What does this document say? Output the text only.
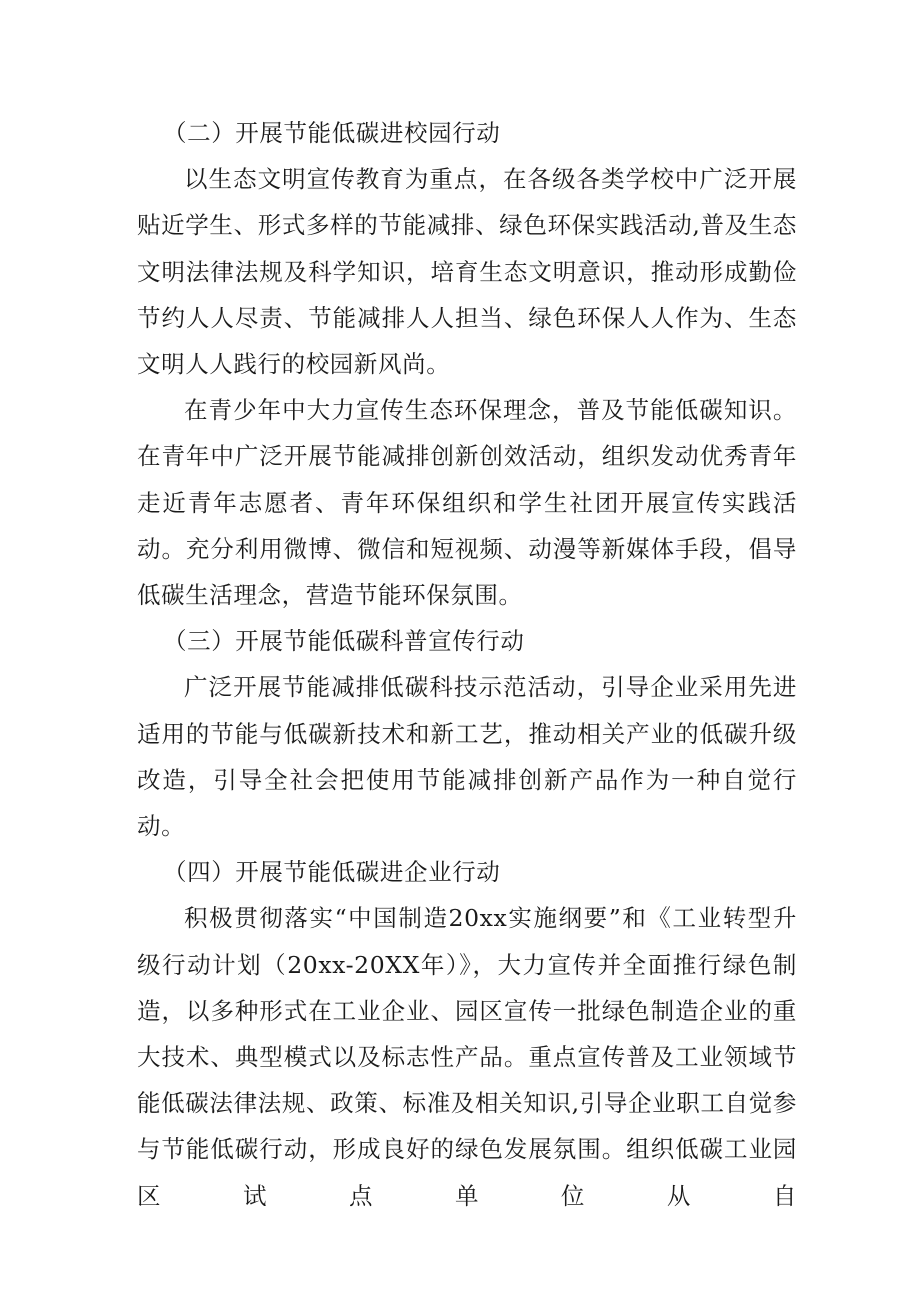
（二）开展节能低碳进校园行动

以生态文明宣传教育为重点，在各级各类学校中广泛开展贴近学生、形式多样的节能减排、绿色环保实践活动,普及生态文明法律法规及科学知识，培育生态文明意识，推动形成勤俭节约人人尽责、节能减排人人担当、绿色环保人人作为、生态文明人人践行的校园新风尚。

在青少年中大力宣传生态环保理念，普及节能低碳知识。在青年中广泛开展节能减排创新创效活动，组织发动优秀青年走近青年志愿者、青年环保组织和学生社团开展宣传实践活动。充分利用微博、微信和短视频、动漫等新媒体手段，倡导低碳生活理念，营造节能环保氛围。

（三）开展节能低碳科普宣传行动

广泛开展节能减排低碳科技示范活动，引导企业采用先进适用的节能与低碳新技术和新工艺，推动相关产业的低碳升级改造，引导全社会把使用节能减排创新产品作为一种自觉行动。

（四）开展节能低碳进企业行动

积极贯彻落实“中国制造20xx实施纲要”和《工业转型升级行动计划（20xx-20XX年）》，大力宣传并全面推行绿色制造，以多种形式在工业企业、园区宣传一批绿色制造企业的重大技术、典型模式以及标志性产品。重点宣传普及工业领域节能低碳法律法规、政策、标准及相关知识,引导企业职工自觉参与节能低碳行动，形成良好的绿色发展氛围。组织低碳工业园区试点单位从自
